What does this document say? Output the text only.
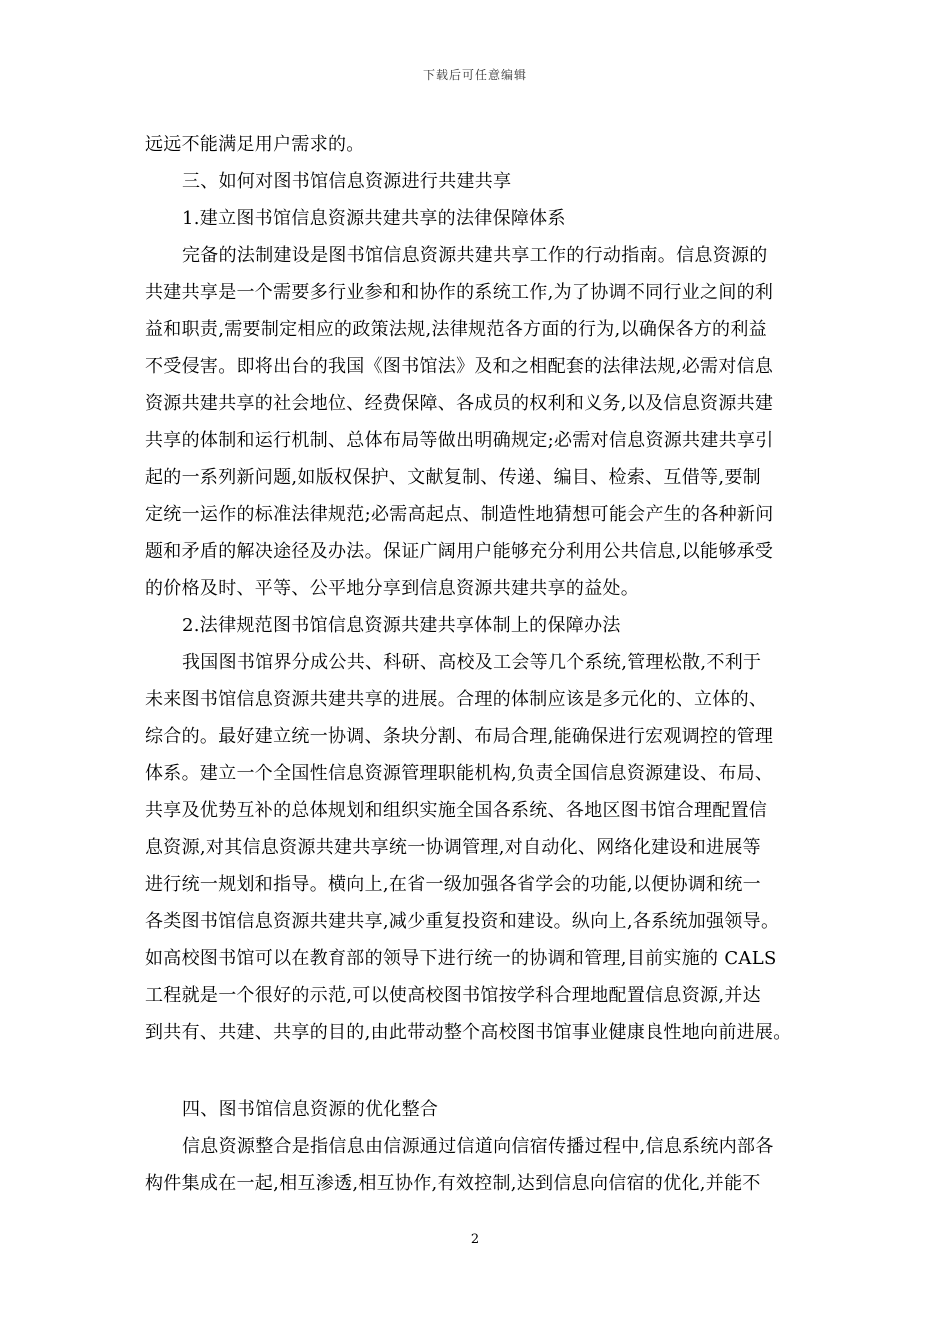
下载后可任意编辑
远远不能满足用户需求的。
三、如何对图书馆信息资源进行共建共享
1.建立图书馆信息资源共建共享的法律保障体系
完备的法制建设是图书馆信息资源共建共享工作的行动指南。信息资源的
共建共享是一个需要多行业参和和协作的系统工作,为了协调不同行业之间的利
益和职责,需要制定相应的政策法规,法律规范各方面的行为,以确保各方的利益
不受侵害。即将出台的我国《图书馆法》及和之相配套的法律法规,必需对信息
资源共建共享的社会地位、经费保障、各成员的权利和义务,以及信息资源共建
共享的体制和运行机制、总体布局等做出明确规定;必需对信息资源共建共享引
起的一系列新问题,如版权保护、文献复制、传递、编目、检索、互借等,要制
定统一运作的标准法律规范;必需高起点、制造性地猜想可能会产生的各种新问
题和矛盾的解决途径及办法。保证广阔用户能够充分利用公共信息,以能够承受
的价格及时、平等、公平地分享到信息资源共建共享的益处。
2.法律规范图书馆信息资源共建共享体制上的保障办法
我国图书馆界分成公共、科研、高校及工会等几个系统,管理松散,不利于
未来图书馆信息资源共建共享的进展。合理的体制应该是多元化的、立体的、
综合的。最好建立统一协调、条块分割、布局合理,能确保进行宏观调控的管理
体系。建立一个全国性信息资源管理职能机构,负责全国信息资源建设、布局、
共享及优势互补的总体规划和组织实施全国各系统、各地区图书馆合理配置信
息资源,对其信息资源共建共享统一协调管理,对自动化、网络化建设和进展等
进行统一规划和指导。横向上,在省一级加强各省学会的功能,以便协调和统一
各类图书馆信息资源共建共享,减少重复投资和建设。纵向上,各系统加强领导。
如高校图书馆可以在教育部的领导下进行统一的协调和管理,目前实施的 CALS
工程就是一个很好的示范,可以使高校图书馆按学科合理地配置信息资源,并达
到共有、共建、共享的目的,由此带动整个高校图书馆事业健康良性地向前进展。
四、图书馆信息资源的优化整合
信息资源整合是指信息由信源通过信道向信宿传播过程中,信息系统内部各
构件集成在一起,相互渗透,相互协作,有效控制,达到信息向信宿的优化,并能不
2
